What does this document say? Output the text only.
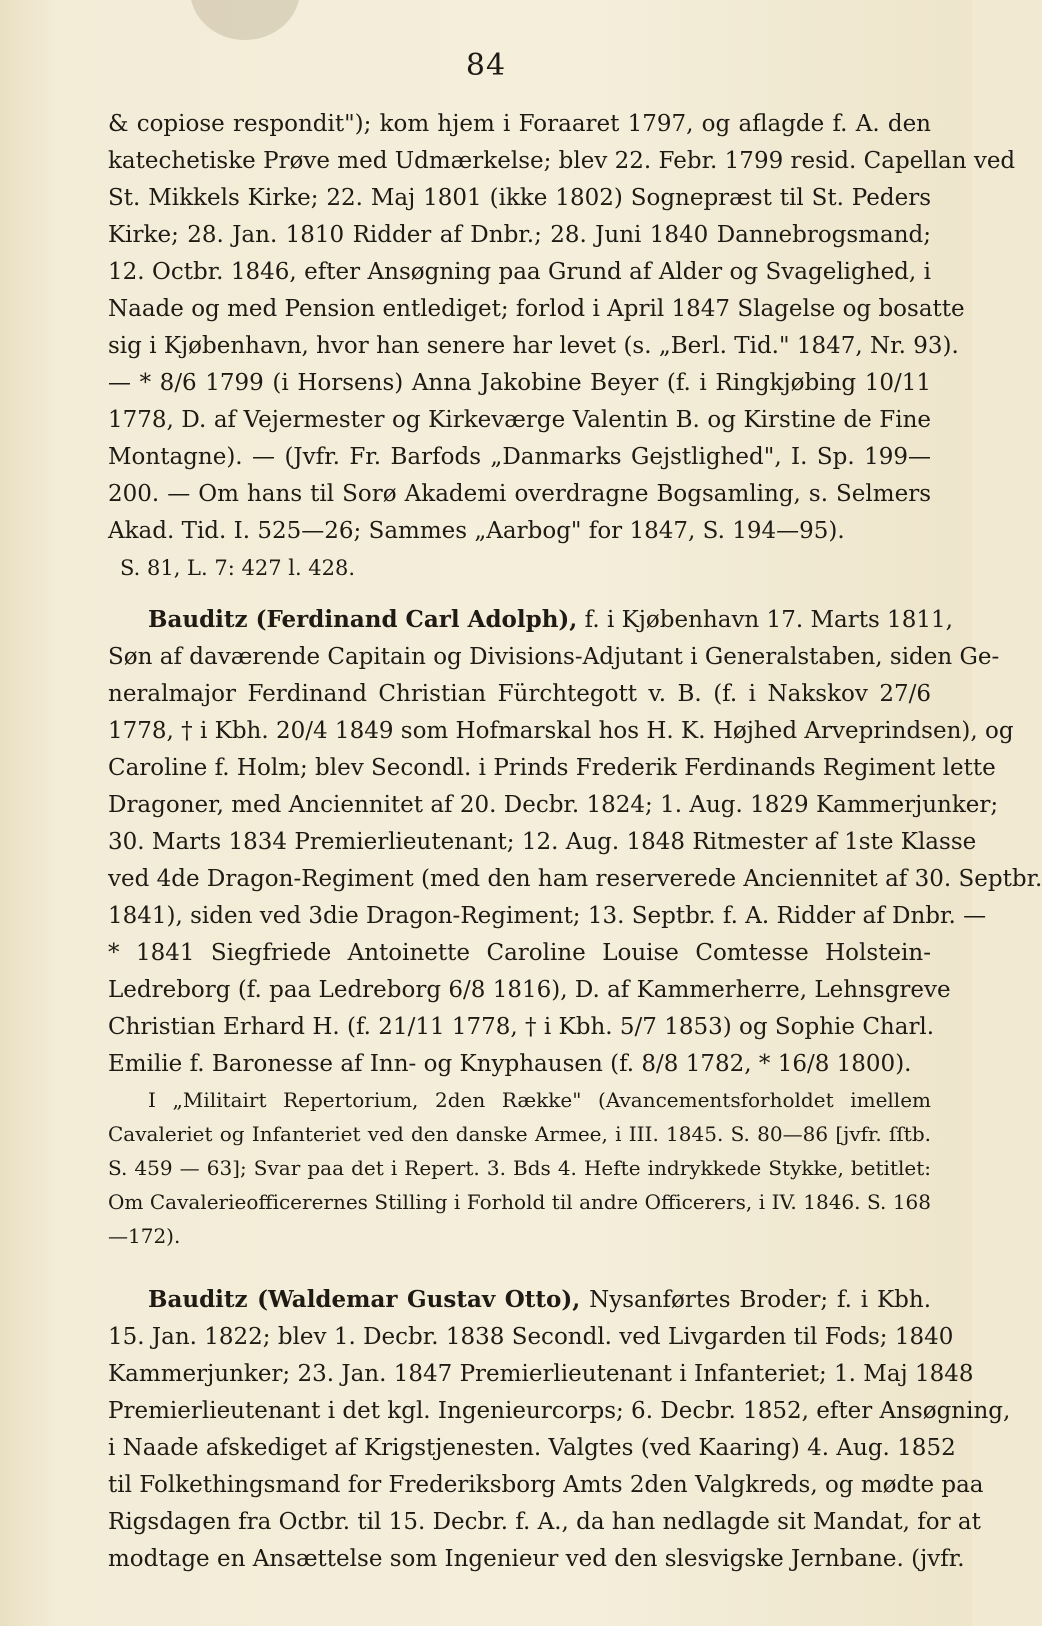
84
& copiose respondit"); kom hjem i Foraaret 1797, og aflagde f. A. den
katechetiske Prøve med Udmærkelse; blev 22. Febr. 1799 resid. Capellan ved
St. Mikkels Kirke; 22. Maj 1801 (ikke 1802) Sognepræst til St. Peders
Kirke; 28. Jan. 1810 Ridder af Dnbr.; 28. Juni 1840 Dannebrogsmand;
12. Octbr. 1846, efter Ansøgning paa Grund af Alder og Svagelighed, i
Naade og med Pension entlediget; forlod i April 1847 Slagelse og bosatte
sig i Kjøbenhavn, hvor han senere har levet (s. „Berl. Tid." 1847, Nr. 93).
— * 8/6 1799 (i Horsens) Anna Jakobine Beyer (f. i Ringkjøbing 10/11
1778, D. af Vejermester og Kirkeværge Valentin B. og Kirstine de Fine
Montagne). — (Jvfr. Fr. Barfods „Danmarks Gejstlighed", I. Sp. 199—
200. — Om hans til Sorø Akademi overdragne Bogsamling, s. Selmers
Akad. Tid. I. 525—26; Sammes „Aarbog" for 1847, S. 194—95).
S. 81, L. 7: 427 l. 428.
Bauditz (Ferdinand Carl Adolph), f. i Kjøbenhavn 17. Marts 1811,
Søn af daværende Capitain og Divisions-Adjutant i Generalstaben, siden Ge-
neralmajor Ferdinand Christian Fürchtegott v. B. (f. i Nakskov 27/6
1778, † i Kbh. 20/4 1849 som Hofmarskal hos H. K. Højhed Arveprindsen), og
Caroline f. Holm; blev Secondl. i Prinds Frederik Ferdinands Regiment lette
Dragoner, med Anciennitet af 20. Decbr. 1824; 1. Aug. 1829 Kammerjunker;
30. Marts 1834 Premierlieutenant; 12. Aug. 1848 Ritmester af 1ste Klasse
ved 4de Dragon-Regiment (med den ham reserverede Anciennitet af 30. Septbr.
1841), siden ved 3die Dragon-Regiment; 13. Septbr. f. A. Ridder af Dnbr. —
* 1841 Siegfriede Antoinette Caroline Louise Comtesse Holstein-
Ledreborg (f. paa Ledreborg 6/8 1816), D. af Kammerherre, Lehnsgreve
Christian Erhard H. (f. 21/11 1778, † i Kbh. 5/7 1853) og Sophie Charl.
Emilie f. Baronesse af Inn- og Knyphausen (f. 8/8 1782, * 16/8 1800).
I „Militairt Repertorium, 2den Række" (Avancementsforholdet imellem
Cavaleriet og Infanteriet ved den danske Armee, i III. 1845. S. 80—86 [jvfr. ſſtb.
S. 459 — 63]; Svar paa det i Repert. 3. Bds 4. Hefte indrykkede Stykke, betitlet:
Om Cavalerieofficerernes Stilling i Forhold til andre Officerers, i IV. 1846. S. 168
—172).
Bauditz (Waldemar Gustav Otto), Nysanførtes Broder; f. i Kbh.
15. Jan. 1822; blev 1. Decbr. 1838 Secondl. ved Livgarden til Fods; 1840
Kammerjunker; 23. Jan. 1847 Premierlieutenant i Infanteriet; 1. Maj 1848
Premierlieutenant i det kgl. Ingenieurcorps; 6. Decbr. 1852, efter Ansøgning,
i Naade afskediget af Krigstjenesten. Valgtes (ved Kaaring) 4. Aug. 1852
til Folkethingsmand for Frederiksborg Amts 2den Valgkreds, og mødte paa
Rigsdagen fra Octbr. til 15. Decbr. f. A., da han nedlagde sit Mandat, for at
modtage en Ansættelse som Ingenieur ved den slesvigske Jernbane. (jvfr.
